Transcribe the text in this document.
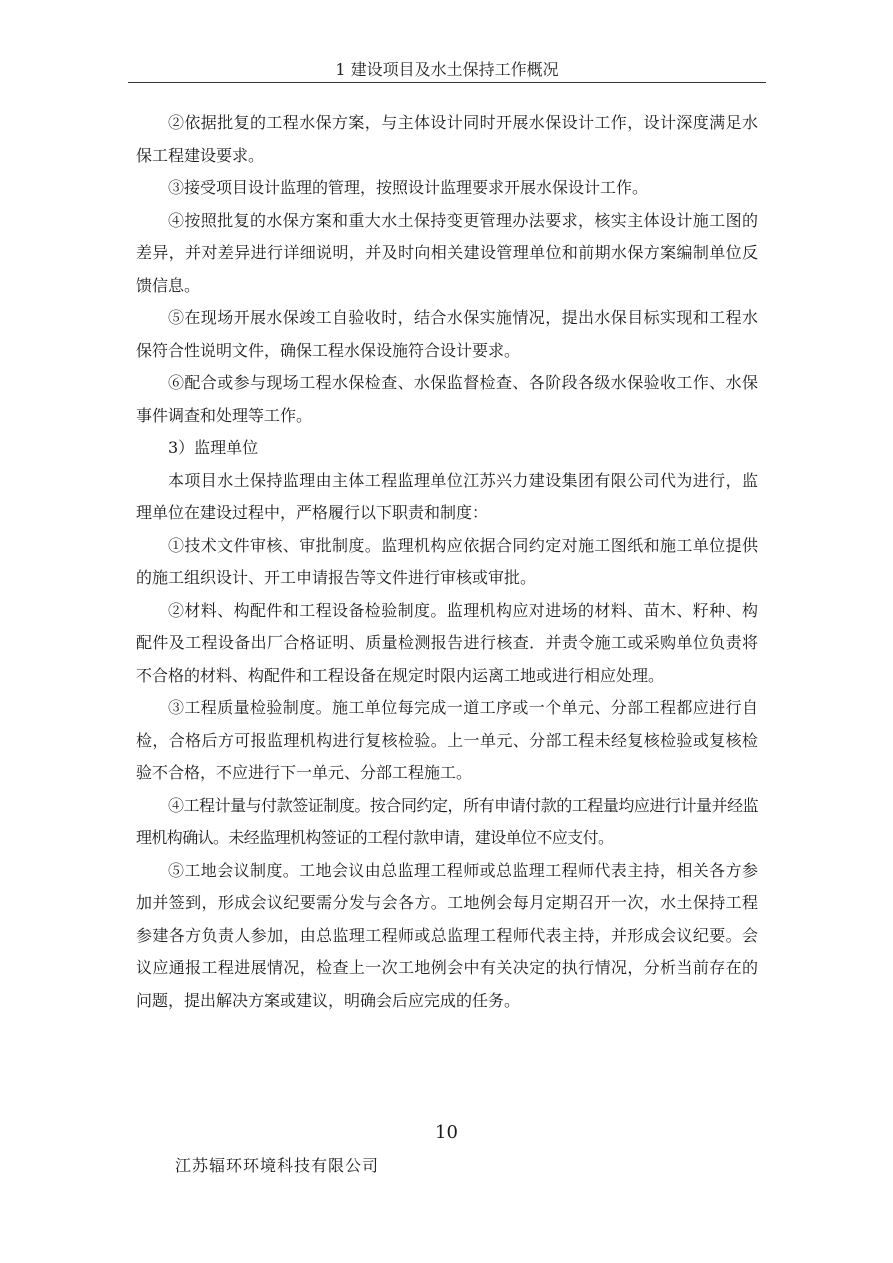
1 建设项目及水土保持工作概况

②依据批复的工程水保方案，与主体设计同时开展水保设计工作，设计深度满足水保工程建设要求。

③接受项目设计监理的管理，按照设计监理要求开展水保设计工作。

④按照批复的水保方案和重大水土保持变更管理办法要求，核实主体设计施工图的差异，并对差异进行详细说明，并及时向相关建设管理单位和前期水保方案编制单位反馈信息。

⑤在现场开展水保竣工自验收时，结合水保实施情况，提出水保目标实现和工程水保符合性说明文件，确保工程水保设施符合设计要求。

⑥配合或参与现场工程水保检查、水保监督检查、各阶段各级水保验收工作、水保事件调查和处理等工作。

3）监理单位

本项目水土保持监理由主体工程监理单位江苏兴力建设集团有限公司代为进行，监理单位在建设过程中，严格履行以下职责和制度：

①技术文件审核、审批制度。监理机构应依据合同约定对施工图纸和施工单位提供的施工组织设计、开工申请报告等文件进行审核或审批。

②材料、构配件和工程设备检验制度。监理机构应对进场的材料、苗木、籽种、构配件及工程设备出厂合格证明、质量检测报告进行核查．并责令施工或采购单位负责将不合格的材料、构配件和工程设备在规定时限内运离工地或进行相应处理。

③工程质量检验制度。施工单位每完成一道工序或一个单元、分部工程都应进行自检，合格后方可报监理机构进行复核检验。上一单元、分部工程未经复核检验或复核检验不合格，不应进行下一单元、分部工程施工。

④工程计量与付款签证制度。按合同约定，所有申请付款的工程量均应进行计量并经监理机构确认。未经监理机构签证的工程付款申请，建设单位不应支付。

⑤工地会议制度。工地会议由总监理工程师或总监理工程师代表主持，相关各方参加并签到，形成会议纪要需分发与会各方。工地例会每月定期召开一次，水土保持工程参建各方负责人参加，由总监理工程师或总监理工程师代表主持，并形成会议纪要。会议应通报工程进展情况，检查上一次工地例会中有关决定的执行情况，分析当前存在的问题，提出解决方案或建议，明确会后应完成的任务。

10
江苏辐环环境科技有限公司
